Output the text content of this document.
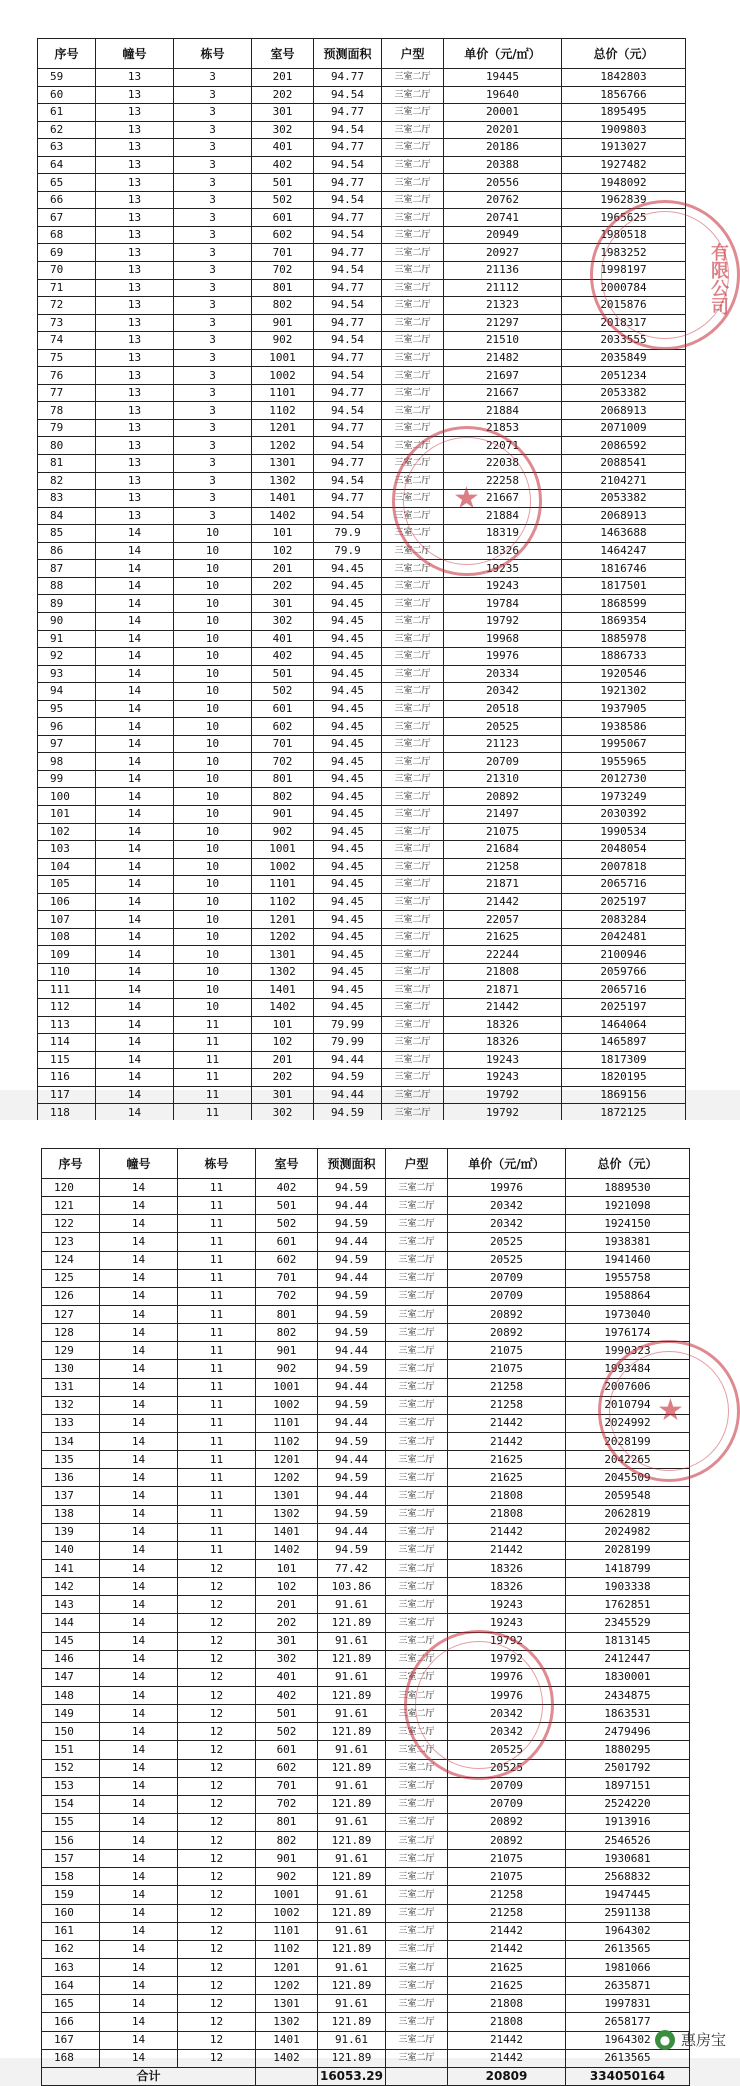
序号	幢号	栋号	室号	预测面积	户型	单价（元/㎡）	总价（元）
59	13	3	201	94.77	三室二厅	19445	1842803
60	13	3	202	94.54	三室二厅	19640	1856766
61	13	3	301	94.77	三室二厅	20001	1895495
62	13	3	302	94.54	三室二厅	20201	1909803
63	13	3	401	94.77	三室二厅	20186	1913027
64	13	3	402	94.54	三室二厅	20388	1927482
65	13	3	501	94.77	三室二厅	20556	1948092
66	13	3	502	94.54	三室二厅	20762	1962839
67	13	3	601	94.77	三室二厅	20741	1965625
68	13	3	602	94.54	三室二厅	20949	1980518
69	13	3	701	94.77	三室二厅	20927	1983252
70	13	3	702	94.54	三室二厅	21136	1998197
71	13	3	801	94.77	三室二厅	21112	2000784
72	13	3	802	94.54	三室二厅	21323	2015876
73	13	3	901	94.77	三室二厅	21297	2018317
74	13	3	902	94.54	三室二厅	21510	2033555
75	13	3	1001	94.77	三室二厅	21482	2035849
76	13	3	1002	94.54	三室二厅	21697	2051234
77	13	3	1101	94.77	三室二厅	21667	2053382
78	13	3	1102	94.54	三室二厅	21884	2068913
79	13	3	1201	94.77	三室二厅	21853	2071009
80	13	3	1202	94.54	三室二厅	22071	2086592
81	13	3	1301	94.77	三室二厅	22038	2088541
82	13	3	1302	94.54	三室二厅	22258	2104271
83	13	3	1401	94.77	三室二厅	21667	2053382
84	13	3	1402	94.54	三室二厅	21884	2068913
85	14	10	101	79.9	三室二厅	18319	1463688
86	14	10	102	79.9	三室二厅	18326	1464247
87	14	10	201	94.45	三室二厅	19235	1816746
88	14	10	202	94.45	三室二厅	19243	1817501
89	14	10	301	94.45	三室二厅	19784	1868599
90	14	10	302	94.45	三室二厅	19792	1869354
91	14	10	401	94.45	三室二厅	19968	1885978
92	14	10	402	94.45	三室二厅	19976	1886733
93	14	10	501	94.45	三室二厅	20334	1920546
94	14	10	502	94.45	三室二厅	20342	1921302
95	14	10	601	94.45	三室二厅	20518	1937905
96	14	10	602	94.45	三室二厅	20525	1938586
97	14	10	701	94.45	三室二厅	21123	1995067
98	14	10	702	94.45	三室二厅	20709	1955965
99	14	10	801	94.45	三室二厅	21310	2012730
100	14	10	802	94.45	三室二厅	20892	1973249
101	14	10	901	94.45	三室二厅	21497	2030392
102	14	10	902	94.45	三室二厅	21075	1990534
103	14	10	1001	94.45	三室二厅	21684	2048054
104	14	10	1002	94.45	三室二厅	21258	2007818
105	14	10	1101	94.45	三室二厅	21871	2065716
106	14	10	1102	94.45	三室二厅	21442	2025197
107	14	10	1201	94.45	三室二厅	22057	2083284
108	14	10	1202	94.45	三室二厅	21625	2042481
109	14	10	1301	94.45	三室二厅	22244	2100946
110	14	10	1302	94.45	三室二厅	21808	2059766
111	14	10	1401	94.45	三室二厅	21871	2065716
112	14	10	1402	94.45	三室二厅	21442	2025197
113	14	11	101	79.99	三室二厅	18326	1464064
114	14	11	102	79.99	三室二厅	18326	1465897
115	14	11	201	94.44	三室二厅	19243	1817309
116	14	11	202	94.59	三室二厅	19243	1820195
117	14	11	301	94.44	三室二厅	19792	1869156
118	14	11	302	94.59	三室二厅	19792	1872125

有限公司
★
序号	幢号	栋号	室号	预测面积	户型	单价（元/㎡）	总价（元）
120	14	11	402	94.59	三室二厅	19976	1889530
121	14	11	501	94.44	三室二厅	20342	1921098
122	14	11	502	94.59	三室二厅	20342	1924150
123	14	11	601	94.44	三室二厅	20525	1938381
124	14	11	602	94.59	三室二厅	20525	1941460
125	14	11	701	94.44	三室二厅	20709	1955758
126	14	11	702	94.59	三室二厅	20709	1958864
127	14	11	801	94.59	三室二厅	20892	1973040
128	14	11	802	94.59	三室二厅	20892	1976174
129	14	11	901	94.44	三室二厅	21075	1990323
130	14	11	902	94.59	三室二厅	21075	1993484
131	14	11	1001	94.44	三室二厅	21258	2007606
132	14	11	1002	94.59	三室二厅	21258	2010794
133	14	11	1101	94.44	三室二厅	21442	2024992
134	14	11	1102	94.59	三室二厅	21442	2028199
135	14	11	1201	94.44	三室二厅	21625	2042265
136	14	11	1202	94.59	三室二厅	21625	2045509
137	14	11	1301	94.44	三室二厅	21808	2059548
138	14	11	1302	94.59	三室二厅	21808	2062819
139	14	11	1401	94.44	三室二厅	21442	2024982
140	14	11	1402	94.59	三室二厅	21442	2028199
141	14	12	101	77.42	三室二厅	18326	1418799
142	14	12	102	103.86	三室二厅	18326	1903338
143	14	12	201	91.61	三室二厅	19243	1762851
144	14	12	202	121.89	三室二厅	19243	2345529
145	14	12	301	91.61	三室二厅	19792	1813145
146	14	12	302	121.89	三室二厅	19792	2412447
147	14	12	401	91.61	三室二厅	19976	1830001
148	14	12	402	121.89	三室二厅	19976	2434875
149	14	12	501	91.61	三室二厅	20342	1863531
150	14	12	502	121.89	三室二厅	20342	2479496
151	14	12	601	91.61	三室二厅	20525	1880295
152	14	12	602	121.89	三室二厅	20525	2501792
153	14	12	701	91.61	三室二厅	20709	1897151
154	14	12	702	121.89	三室二厅	20709	2524220
155	14	12	801	91.61	三室二厅	20892	1913916
156	14	12	802	121.89	三室二厅	20892	2546526
157	14	12	901	91.61	三室二厅	21075	1930681
158	14	12	902	121.89	三室二厅	21075	2568832
159	14	12	1001	91.61	三室二厅	21258	1947445
160	14	12	1002	121.89	三室二厅	21258	2591138
161	14	12	1101	91.61	三室二厅	21442	1964302
162	14	12	1102	121.89	三室二厅	21442	2613565
163	14	12	1201	91.61	三室二厅	21625	1981066
164	14	12	1202	121.89	三室二厅	21625	2635871
165	14	12	1301	91.61	三室二厅	21808	1997831
166	14	12	1302	121.89	三室二厅	21808	2658177
167	14	12	1401	91.61	三室二厅	21442	1964302
168	14	12	1402	121.89	三室二厅	21442	2613565
合计				16053.29		20809	334050164
★
● 惠房宝
